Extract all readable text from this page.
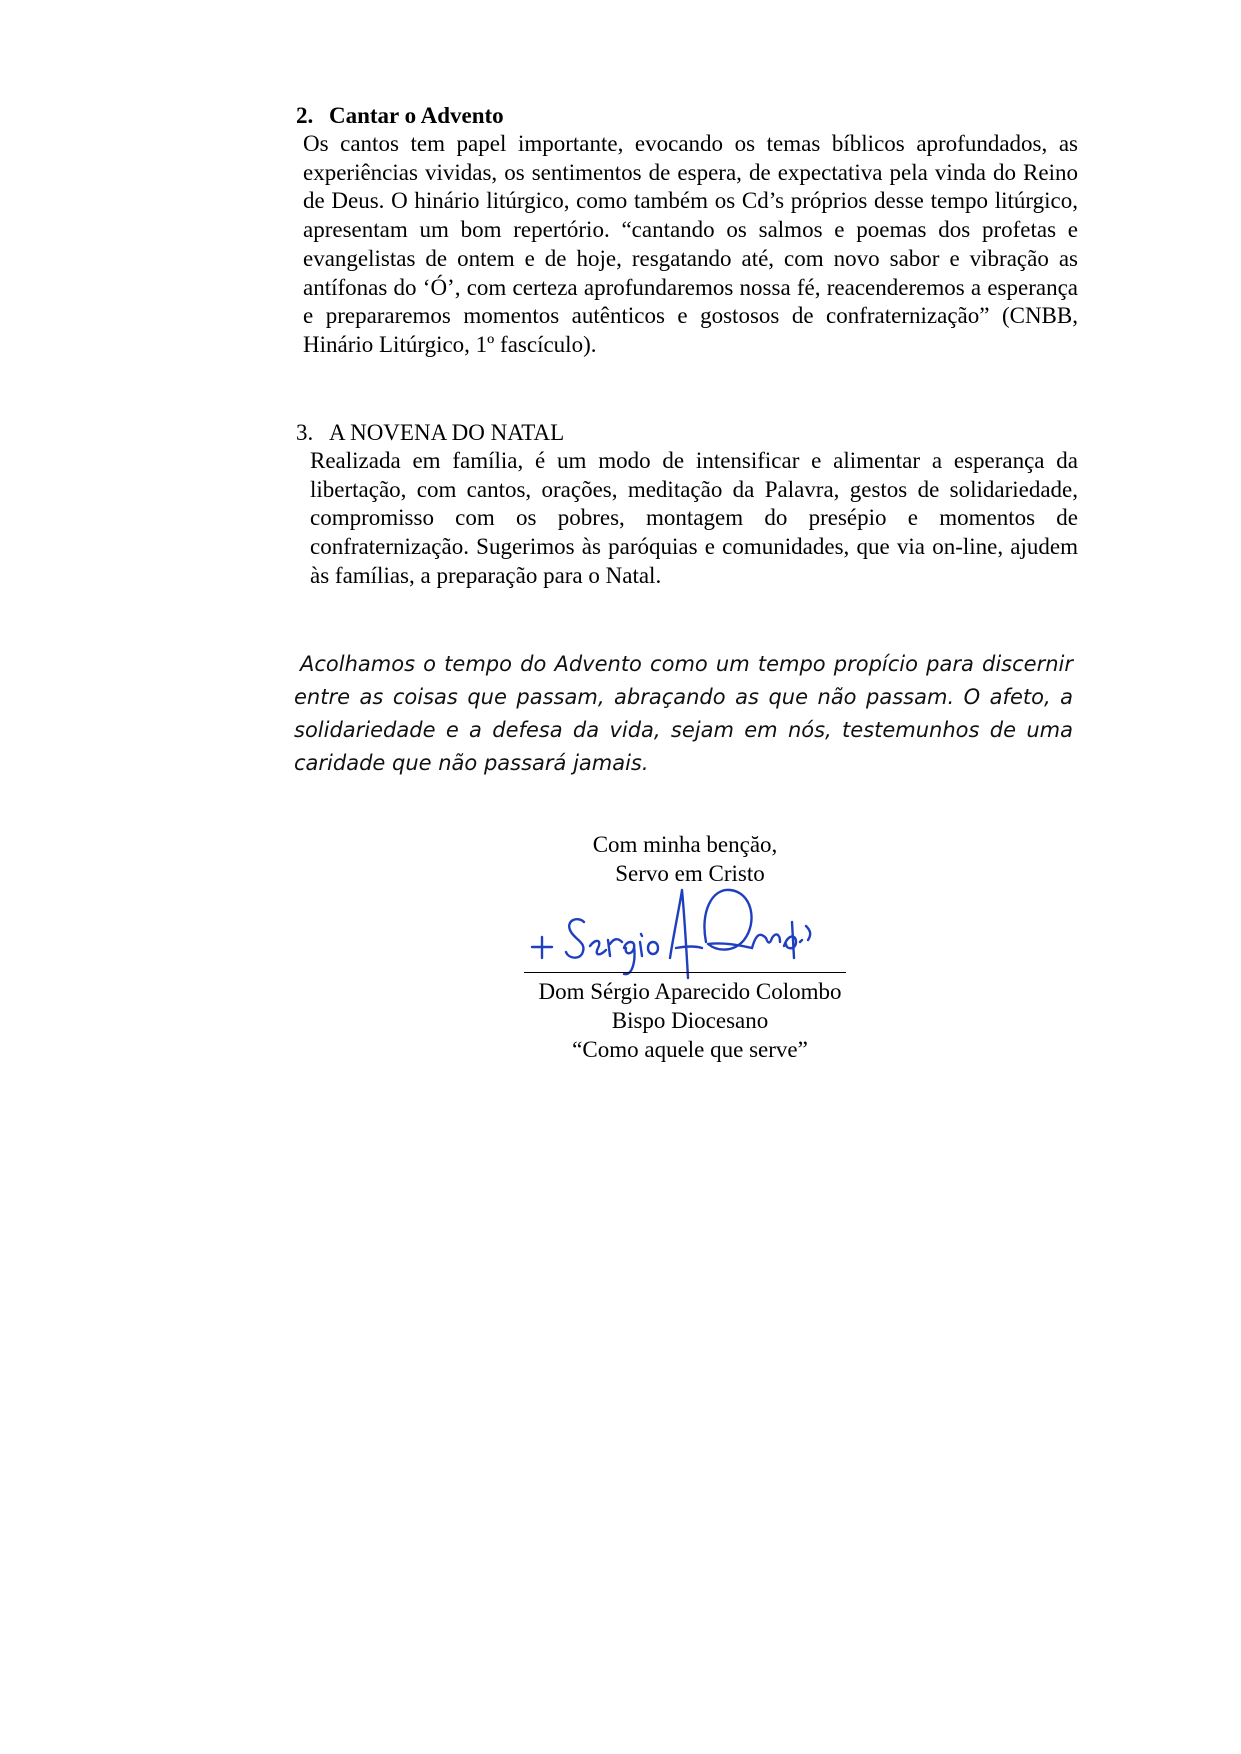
2. Cantar o Advento

Os cantos tem papel importante, evocando os temas bíblicos aprofundados, as experiências vividas, os sentimentos de espera, de expectativa pela vinda do Reino de Deus. O hinário litúrgico, como também os Cd’s próprios desse tempo litúrgico, apresentam um bom repertório. “cantando os salmos e poemas dos profetas e evangelistas de ontem e de hoje, resgatando até, com novo sabor e vibração as antífonas do ‘Ó’, com certeza aprofundaremos nossa fé, reacenderemos a esperança e prepararemos momentos autênticos e gostosos de confraternização” (CNBB, Hinário Litúrgico, 1º fascículo).

3. A NOVENA DO NATAL

Realizada em família, é um modo de intensificar e alimentar a esperança da libertação, com cantos, orações, meditação da Palavra, gestos de solidariedade, compromisso com os pobres, montagem do presépio e momentos de confraternização. Sugerimos às paróquias e comunidades, que via on-line, ajudem às famílias, a preparação para o Natal.

Acolhamos o tempo do Advento como um tempo propício para discernir entre as coisas que passam, abraçando as que não passam. O afeto, a solidariedade e a defesa da vida, sejam em nós, testemunhos de uma caridade que não passará jamais.

Com minha bençăo,
Servo em Cristo
Dom Sérgio Aparecido Colombo
Bispo Diocesano
“Como aquele que serve”
